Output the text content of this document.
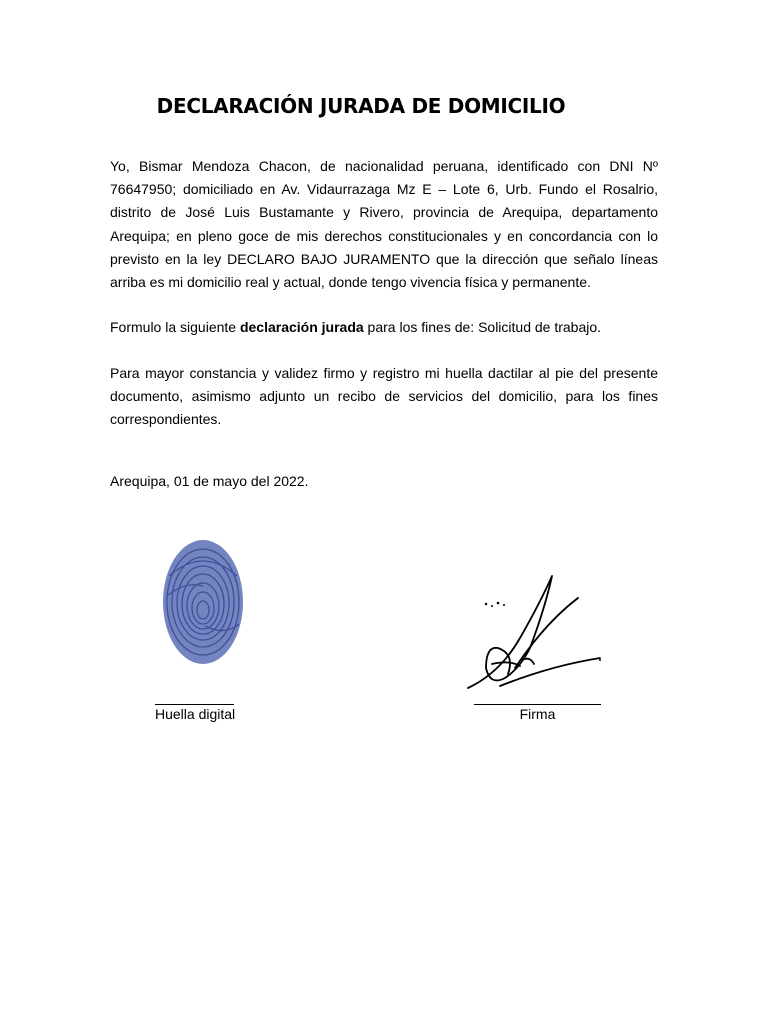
DECLARACIÓN JURADA DE DOMICILIO

Yo, Bismar Mendoza Chacon, de nacionalidad peruana, identificado con DNI Nº 76647950; domiciliado en Av. Vidaurrazaga Mz E – Lote 6, Urb. Fundo el Rosalrio, distrito de José Luis Bustamante y Rivero, provincia de Arequipa, departamento Arequipa; en pleno goce de mis derechos constitucionales y en concordancia con lo previsto en la ley DECLARO BAJO JURAMENTO que la dirección que señalo líneas arriba es mi domicilio real y actual, donde tengo vivencia física y permanente.

Formulo la siguiente declaración jurada para los fines de: Solicitud de trabajo.

Para mayor constancia y validez firmo y registro mi huella dactilar al pie del presente documento, asimismo adjunto un recibo de servicios del domicilio, para los fines correspondientes.

Arequipa, 01 de mayo del 2022.

Huella digital	Firma
